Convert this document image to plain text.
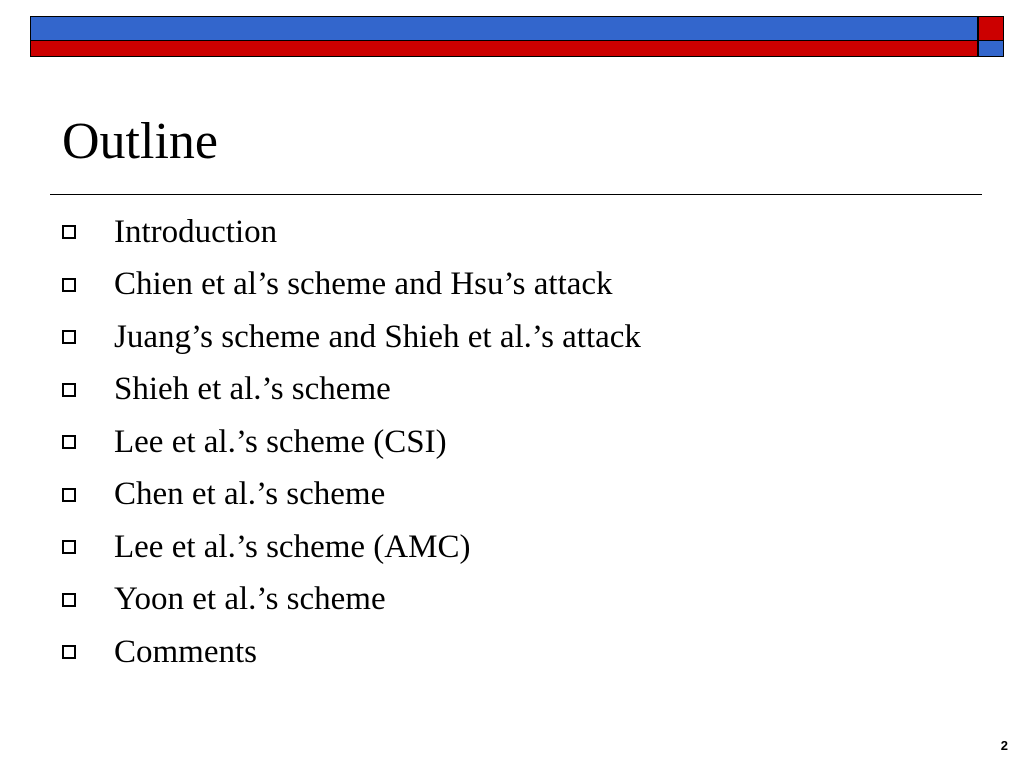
Outline
Introduction
Chien et al’s scheme and Hsu’s attack
Juang’s scheme and Shieh et al.’s attack
Shieh et al.’s scheme
Lee et al.’s scheme (CSI)
Chen et al.’s scheme
Lee et al.’s scheme (AMC)
Yoon et al.’s scheme
Comments
2
